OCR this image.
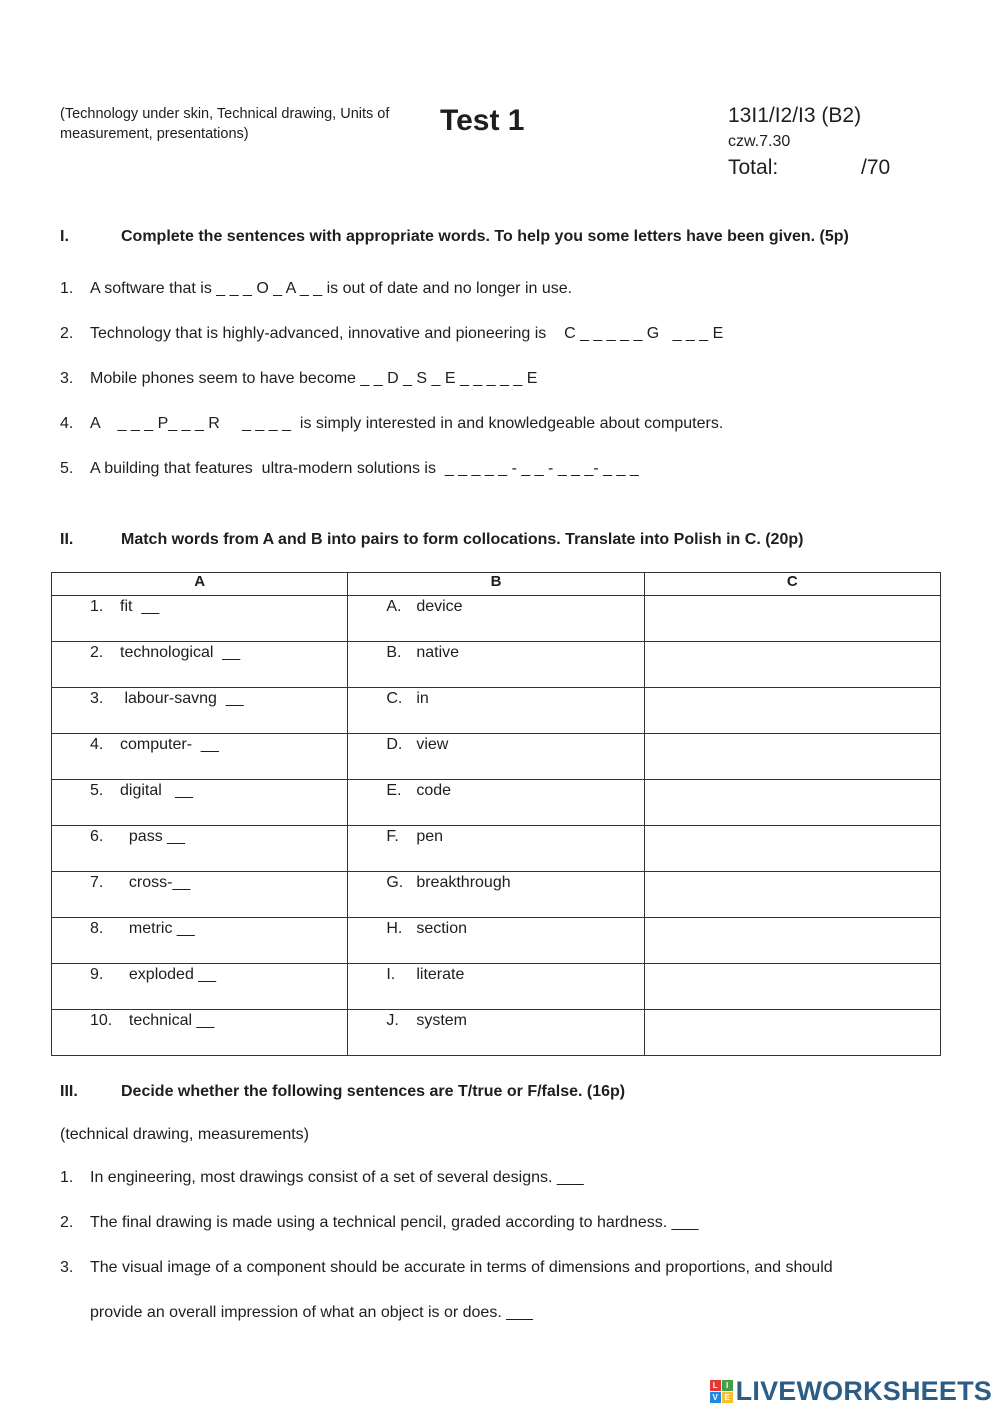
(Technology under skin, Technical drawing, Units of measurement, presentations)	Test 1	13I1/I2/I3 (B2)
czw.7.30
Total:	/70
I.	Complete the sentences with appropriate words. To help you some letters have been given. (5p)
1. A software that is _ _ _ O _ A _ _ is out of date and no longer in use.
2. Technology that is highly-advanced, innovative and pioneering is    C _ _ _ _ _ G   _ _ _ E
3. Mobile phones seem to have become _ _ D _ S _ E _ _ _ _ _ E
4. A    _ _ _ P_ _ _ R     _ _ _ _  is simply interested in and knowledgeable about computers.
5. A building that features  ultra-modern solutions is  _ _ _ _ _ - _ _ - _ _ _- _ _ _
II.	Match words from A and B into pairs to form collocations. Translate into Polish in C. (20p)
A	B	C

1. fit  __	A. device	

2. technological  __	B. native	

3. labour-savng  __	C. in	

4. computer-  __	D. view	

5. digital   __	E. code	

6.  pass __	F. pen	

7.  cross-__	G. breakthrough	

8.  metric __	H. section	

9.  exploded __	I. literate	

10.  technical __	J. system	

III.	Decide whether the following sentences are T/true or F/false. (16p)
(technical drawing, measurements)
1. In engineering, most drawings consist of a set of several designs. ___
2. The final drawing is made using a technical pencil, graded according to hardness. ___
3. The visual image of a component should be accurate in terms of dimensions and proportions, and should
provide an overall impression of what an object is or does. ___
L	I
V E LIVEWORKSHEETS
